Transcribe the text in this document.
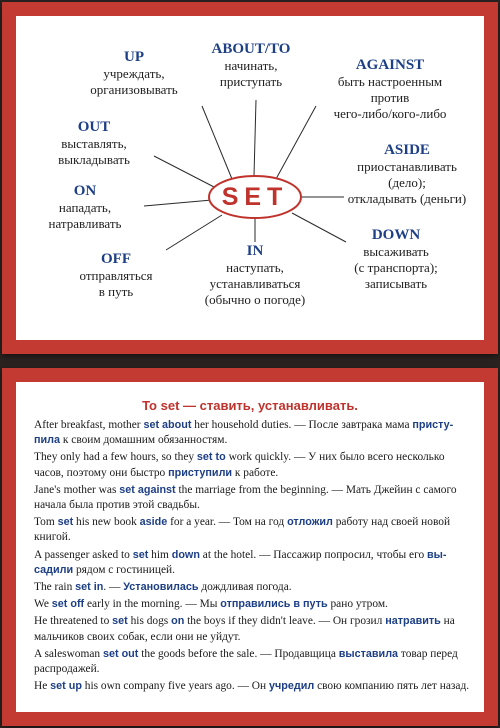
SET
UP
учреждать,
организовывать
ABOUT/TO
начинать,
приступать
AGAINST
быть настроенным
против
чего-либо/кого-либо
OUT
выставлять,
выкладывать
ASIDE
приостанавливать
(дело);
откладывать (деньги)
ON
нападать,
натравливать
DOWN
высаживать
(с транспорта);
записывать
OFF
отправляться
в путь
IN
наступать,
устанавливаться
(обычно о погоде)
To set — ставить, устанавливать.
After breakfast, mother set about her household duties. — После завтрака мама присту-пила к своим домашним обязанностям.
They only had a few hours, so they set to work quickly. — У них было всего несколько часов, поэтому они быстро приступили к работе.
Jane's mother was set against the marriage from the beginning. — Мать Джейин с самого начала была против этой свадьбы.
Tom set his new book aside for a year. — Том на год отложил работу над своей новой книгой.
A passenger asked to set him down at the hotel. — Пассажир попросил, чтобы его вы-садили рядом с гостиницей.
The rain set in. — Установилась дождливая погода.
We set off early in the morning. — Мы отправились в путь рано утром.
He threatened to set his dogs on the boys if they didn't leave. — Он грозил натравить на мальчиков своих собак, если они не уйдут.
A saleswoman set out the goods before the sale. — Продавщица выставила товар перед распродажей.
He set up his own company five years ago. — Он учредил свою компанию пять лет назад.
